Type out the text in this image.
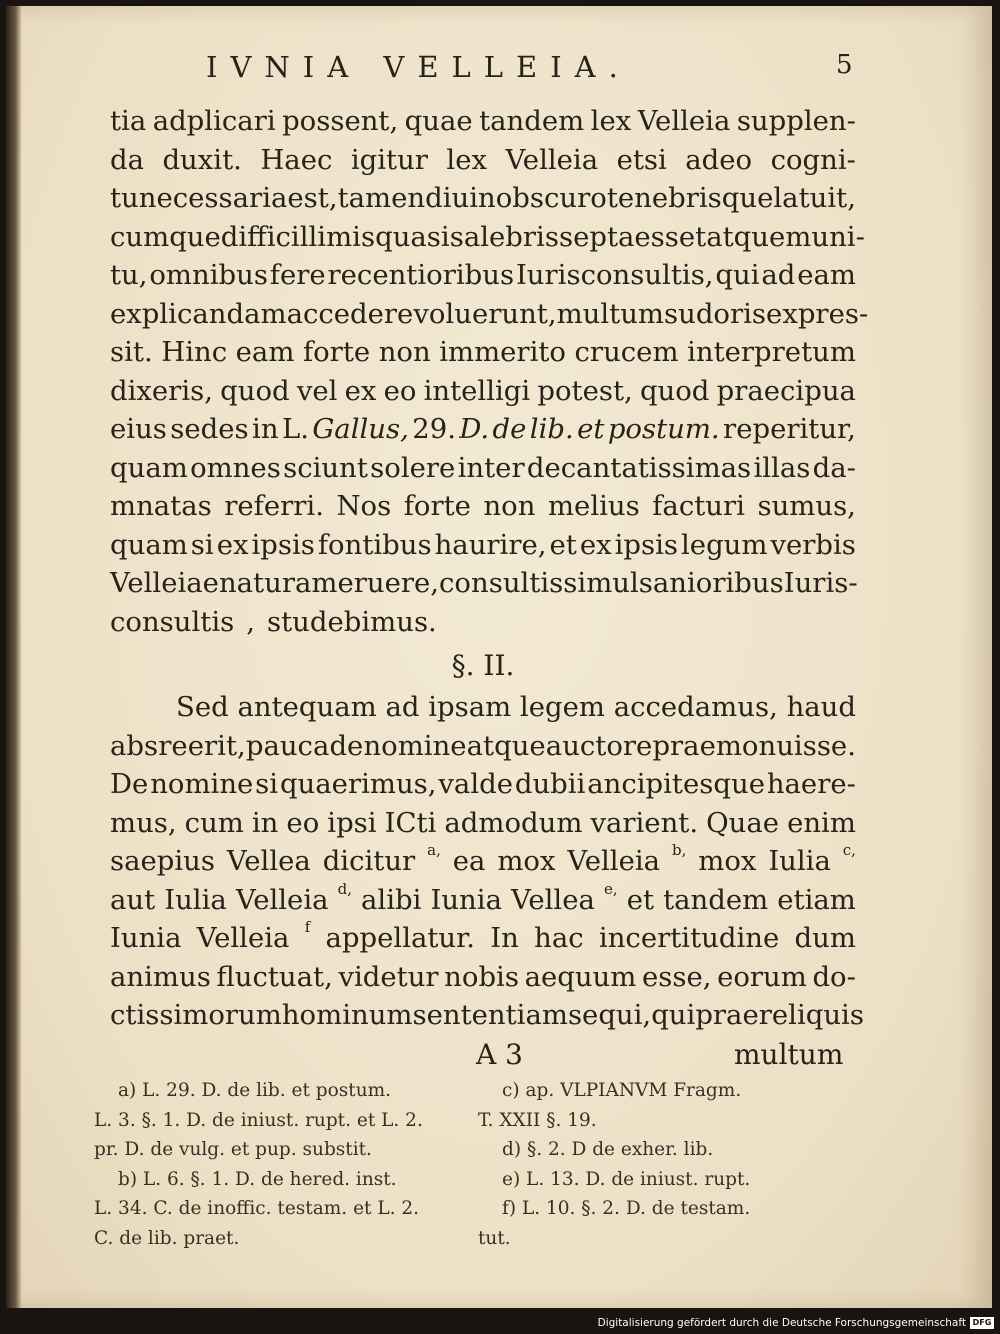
IVNIA VELLEIA.	5
tia adplicari possent, quae tandem lex Velleia supplen-
da duxit. Haec igitur lex Velleia etsi adeo cogni-
tu necessaria est, tamen diu in obscuro tenebrisque latuit,
cumque difficillimis quasi salebris septa esset atque muni-
tu, omnibus fere recentioribus Iurisconsultis, qui ad eam
explicandam accedere voluerunt, multum sudoris expres-
sit. Hinc eam forte non immerito crucem interpretum
dixeris, quod vel ex eo intelligi potest, quod praecipua
eius sedes in L. Gallus, 29. D. de lib. et postum. reperitur,
quam omnes sciunt solere inter decantatissimas illas da-
mnatas referri. Nos forte non melius facturi sumus,
quam si ex ipsis fontibus haurire, et ex ipsis legum verbis
Velleiae naturam eruere, consultis simul sanioribus Iuris-
consultis , studebimus.
§. II.
Sed antequam ad ipsam legem accedamus, haud
abs re erit, pauca de nomine atque auctore praemonuisse.
De nomine si quaerimus, valde dubii ancipitesque haere-
mus, cum in eo ipsi ICti admodum varient. Quae enim
saepius Vellea dicitur a, ea mox Velleia b, mox Iulia c,
aut Iulia Velleia d, alibi Iunia Vellea e, et tandem etiam
Iunia Velleia f appellatur. In hac incertitudine dum
animus fluctuat, videtur nobis aequum esse, eorum do-
ctissimorum hominum sententiam sequi, qui prae reliquis
A 3	multum
a) L. 29. D. de lib. et postum.
L. 3. §. 1. D. de iniust. rupt. et L. 2.
pr. D. de vulg. et pup. substit.
b) L. 6. §. 1. D. de hered. inst.
L. 34. C. de inoffic. testam. et L. 2.
C. de lib. praet.
c) ap. VLPIANVM Fragm.
T. XXII §. 19.
d) §. 2. D de exher. lib.
e) L. 13. D. de iniust. rupt.
f) L. 10. §. 2. D. de testam.
tut.
Digitalisierung gefördert durch die Deutsche Forschungsgemeinschaft DFG
